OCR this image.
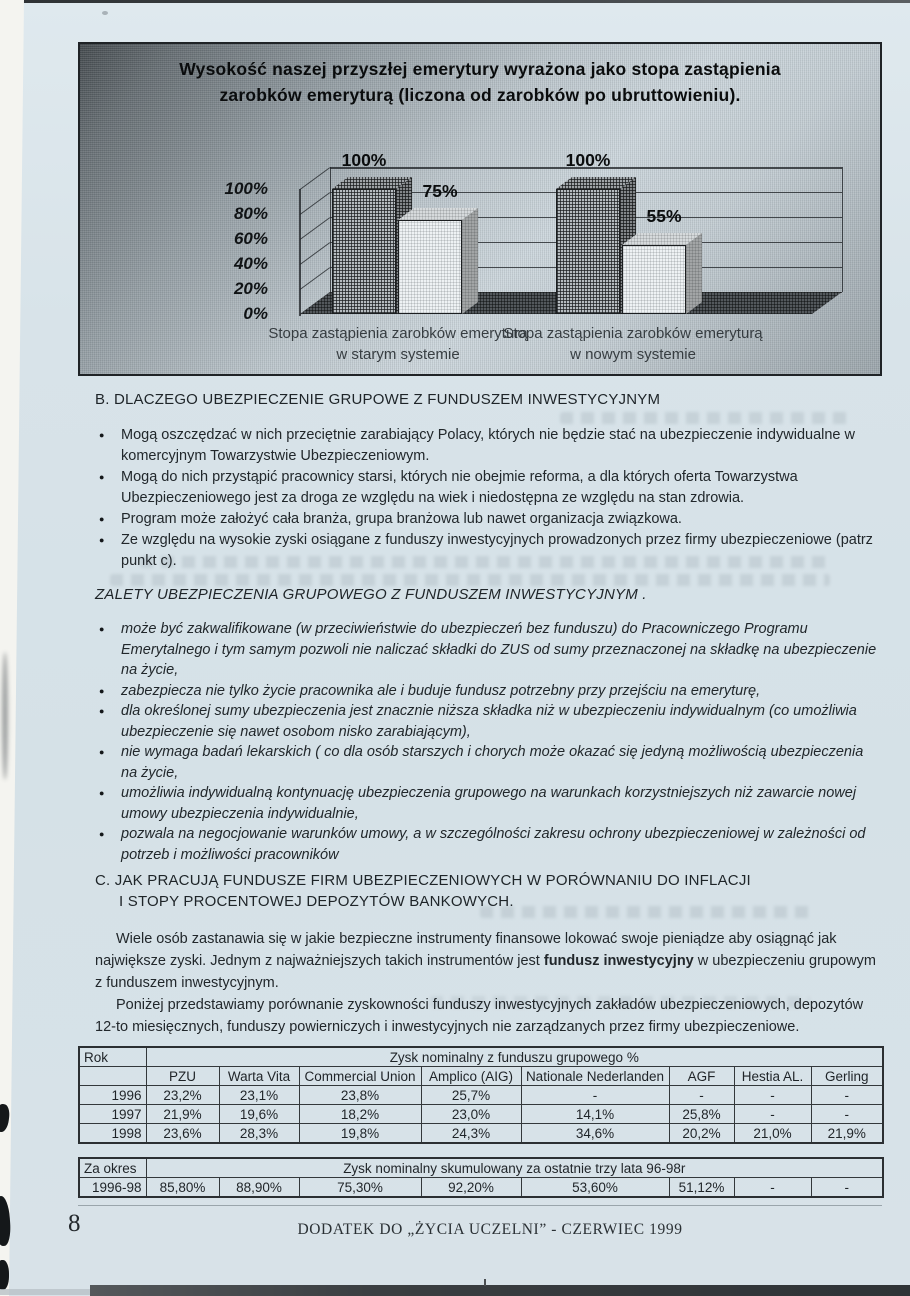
Wysokość naszej przyszłej emerytury wyrażona jako stopa zastąpienia zarobków emeryturą (liczona od zarobków po ubruttowieniu).
100%
80%
60%
40%
20%
0%
100%
75%
Stopa zastąpienia zarobków emeryturą w starym systemie
100%
55%
Stopa zastąpienia zarobków emeryturą w nowym systemie
B. DLACZEGO UBEZPIECZENIE GRUPOWE Z FUNDUSZEM INWESTYCYJNYM
● Mogą oszczędzać w nich przeciętnie zarabiający Polacy, których nie będzie stać na ubezpieczenie indywidualne w komercyjnym Towarzystwie Ubezpieczeniowym.
● Mogą do nich przystąpić pracownicy starsi, których nie obejmie reforma, a dla których oferta Towarzystwa Ubezpieczeniowego jest za droga ze względu na wiek i niedostępna ze względu na stan zdrowia.
● Program może założyć cała branża, grupa branżowa lub nawet organizacja związkowa.
● Ze względu na wysokie zyski osiągane z funduszy inwestycyjnych prowadzonych przez firmy ubezpieczeniowe (patrz punkt c).
ZALETY UBEZPIECZENIA GRUPOWEGO Z FUNDUSZEM INWESTYCYJNYM .
● może być zakwalifikowane (w przeciwieństwie do ubezpieczeń bez funduszu) do Pracowniczego Programu Emerytalnego i tym samym pozwoli nie naliczać składki do ZUS od sumy przeznaczonej na składkę na ubezpieczenie na życie,
● zabezpiecza nie tylko życie pracownika ale i buduje fundusz potrzebny przy przejściu na emeryturę,
● dla określonej sumy ubezpieczenia jest znacznie niższa składka niż w ubezpieczeniu indywidualnym (co umożliwia ubezpieczenie się nawet osobom nisko zarabiającym),
● nie wymaga badań lekarskich ( co dla osób starszych i chorych może okazać się jedyną możliwością ubezpieczenia na życie,
● umożliwia indywidualną kontynuację ubezpieczenia grupowego na warunkach korzystniejszych niż zawarcie nowej umowy ubezpieczenia indywidualnie,
● pozwala na negocjowanie warunków umowy, a w szczególności zakresu ochrony ubezpieczeniowej w zależności od potrzeb i możliwości pracowników
C. JAK PRACUJĄ FUNDUSZE FIRM UBEZPIECZENIOWYCH W PORÓWNANIU DO INFLACJI
I STOPY PROCENTOWEJ DEPOZYTÓW BANKOWYCH.

Wiele osób zastanawia się w jakie bezpieczne instrumenty finansowe lokować swoje pieniądze aby osiągnąć jak największe zyski. Jednym z najważniejszych takich instrumentów jest fundusz inwestycyjny w ubezpieczeniu grupowym z funduszem inwestycyjnym.

Poniżej przedstawiamy porównanie zyskowności funduszy inwestycyjnych zakładów ubezpieczeniowych, depozytów 12-to miesięcznych, funduszy powierniczych i inwestycyjnych nie zarządzanych przez firmy ubezpieczeniowe.

Rok	Zysk nominalny z funduszu grupowego %							
	PZU	Warta Vita	Commercial Union	Amplico (AIG)	Nationale Nederlanden	AGF	Hestia AL.	Gerling
1996	23,2%	23,1%	23,8%	25,7%	-	-	-	-
1997	21,9%	19,6%	18,2%	23,0%	14,1%	25,8%	-	-
1998	23,6%	28,3%	19,8%	24,3%	34,6%	20,2%	21,0%	21,9%
Za okres	Zysk nominalny skumulowany za ostatnie trzy lata 96-98r							
1996-98	85,80%	88,90%	75,30%	92,20%	53,60%	51,12%	-	-
8	DODATEK DO „ŻYCIA UCZELNI” - CZERWIEC 1999
